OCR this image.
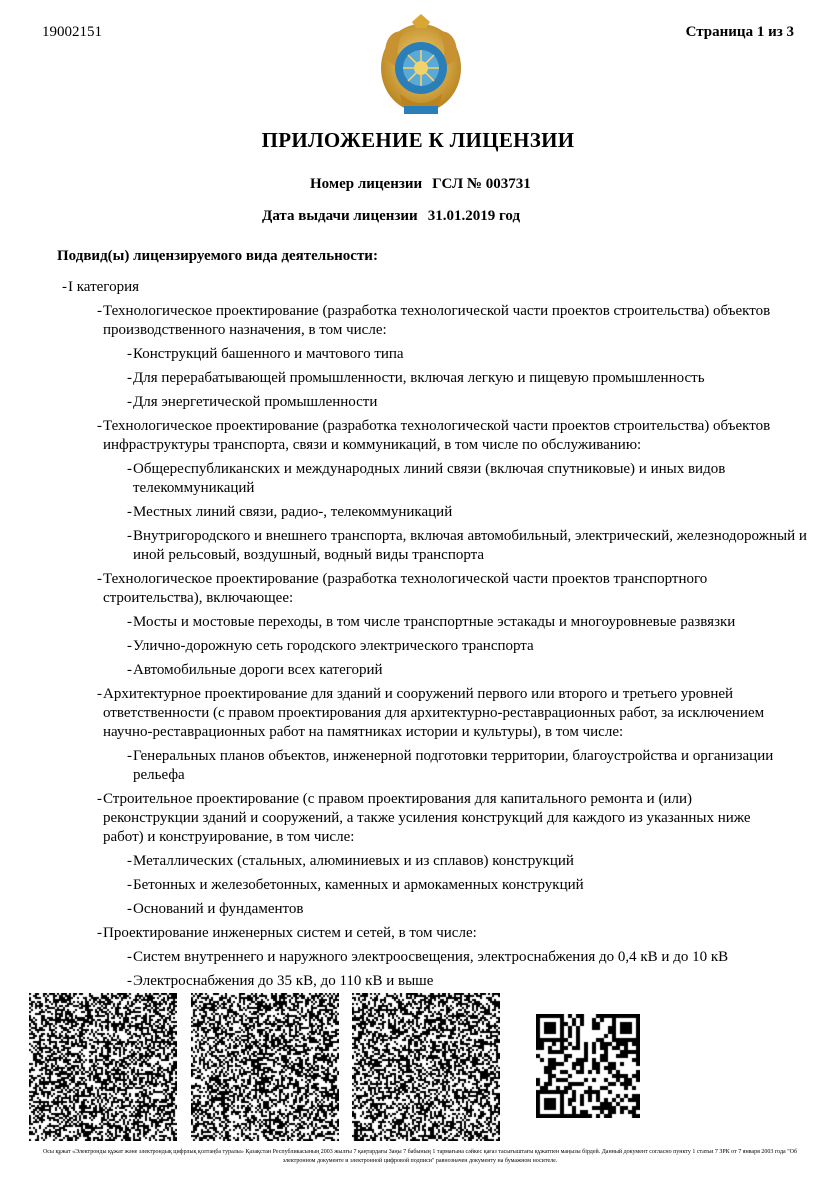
19002151	Страница 1 из 3
ПРИЛОЖЕНИЕ К ЛИЦЕНЗИИ
Номер лицензии ГСЛ № 003731
Дата выдачи лицензии 31.01.2019 год
Подвид(ы) лицензируемого вида деятельности:
- I категория
- Технологическое проектирование (разработка технологической части проектов строительства) объектов производственного назначения, в том числе:
- Конструкций башенного и мачтового типа
- Для перерабатывающей промышленности, включая легкую и пищевую промышленность
- Для энергетической промышленности
- Технологическое проектирование (разработка технологической части проектов строительства) объектов инфраструктуры транспорта, связи и коммуникаций, в том числе по обслуживанию:
- Общереспубликанских и международных линий связи (включая спутниковые) и иных видов телекоммуникаций
- Местных линий связи, радио-, телекоммуникаций
- Внутригородского и внешнего транспорта, включая автомобильный, электрический, железнодорожный и иной рельсовый, воздушный, водный виды транспорта
- Технологическое проектирование (разработка технологической части проектов транспортного строительства), включающее:
- Мосты и мостовые переходы, в том числе транспортные эстакады и многоуровневые развязки
- Улично-дорожную сеть городского электрического транспорта
- Автомобильные дороги всех категорий
- Архитектурное проектирование для зданий и сооружений первого или второго и третьего уровней ответственности (с правом проектирования для архитектурно-реставрационных работ, за исключением научно-реставрационных работ на памятниках истории и культуры), в том числе:
- Генеральных планов объектов, инженерной подготовки территории, благоустройства и организации рельефа
- Строительное проектирование (с правом проектирования для капитального ремонта и (или) реконструкции зданий и сооружений, а также усиления конструкций для каждого из указанных ниже работ) и конструирование, в том числе:
- Металлических (стальных, алюминиевых и из сплавов) конструкций
- Бетонных и железобетонных, каменных и армокаменных конструкций
- Оснований и фундаментов
- Проектирование инженерных систем и сетей, в том числе:
- Систем внутреннего и наружного электроосвещения, электроснабжения до 0,4 кВ и до 10 кВ
- Электроснабжения до 35 кВ, до 110 кВ и выше
Осы құжат «Электронды құжат және электрондық цифрлық қолтаңба туралы» Қазақстан Республикасының 2003 жылғы 7 қаңтардағы Заңы 7 бабының 1 тармағына сәйкес қағаз тасығыштағы құжатпен маңызы бірдей. Данный документ согласно пункту 1 статьи 7 ЗРК от 7 января 2003 года "Об электронном документе и электронной цифровой подписи" равнозначен документу на бумажном носителе.
